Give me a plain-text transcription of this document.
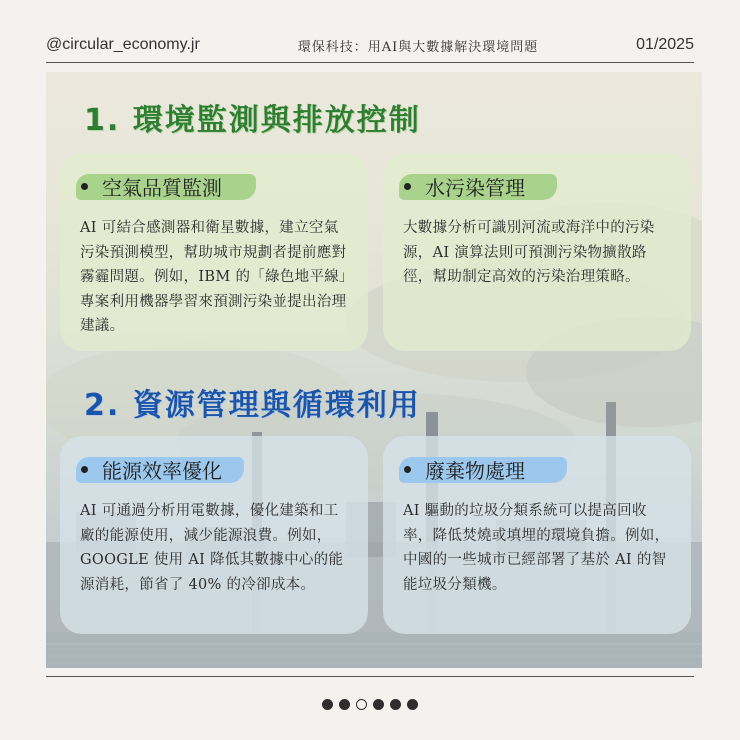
@circular_economy.jr	環保科技：用AI與大數據解決環境問題	01/2025
1. 環境監測與排放控制
空氣品質監測
AI 可結合感測器和衛星數據，建立空氣污染預測模型，幫助城市規劃者提前應對霧霾問題。例如，IBM 的「綠色地平線」專案利用機器學習來預測污染並提出治理建議。
水污染管理
大數據分析可識別河流或海洋中的污染源，AI 演算法則可預測污染物擴散路徑，幫助制定高效的污染治理策略。
2. 資源管理與循環利用
能源效率優化
AI 可通過分析用電數據，優化建築和工廠的能源使用，減少能源浪費。例如，GOOGLE 使用 AI 降低其數據中心的能源消耗，節省了 40% 的冷卻成本。
廢棄物處理
AI 驅動的垃圾分類系統可以提高回收率，降低焚燒或填埋的環境負擔。例如，中國的一些城市已經部署了基於 AI 的智能垃圾分類機。
